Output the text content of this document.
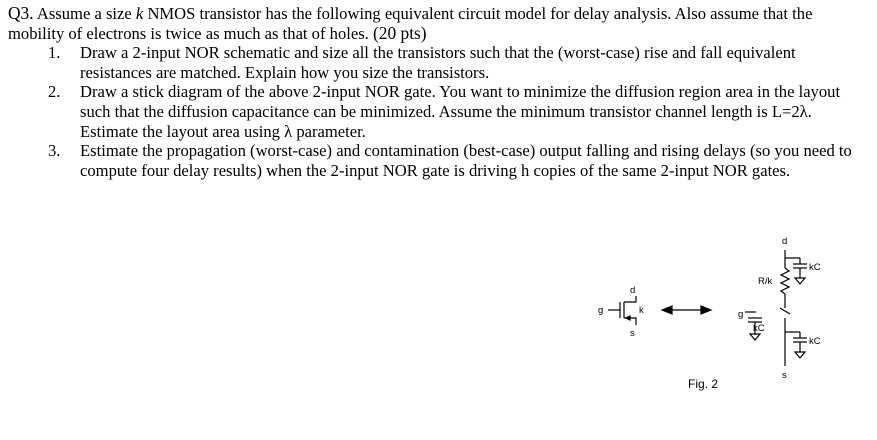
Q3. Assume a size k NMOS transistor has the following equivalent circuit model for delay analysis. Also assume that the mobility of electrons is twice as much as that of holes. (20 pts)

1. Draw a 2-input NOR schematic and size all the transistors such that the (worst-case) rise and fall equivalent resistances are matched. Explain how you size the transistors.
2. Draw a stick diagram of the above 2-input NOR gate. You want to minimize the diffusion region area in the layout such that the diffusion capacitance can be minimized. Assume the minimum transistor channel length is L=2λ. Estimate the layout area using λ parameter.
3. Estimate the propagation (worst-case) and contamination (best-case) output falling and rising delays (so you need to compute four delay results) when the 2-input NOR gate is driving h copies of the same 2-input NOR gates.
d
g
s
k
d
g
s
R/k
kC
kC
kC
Fig. 2
